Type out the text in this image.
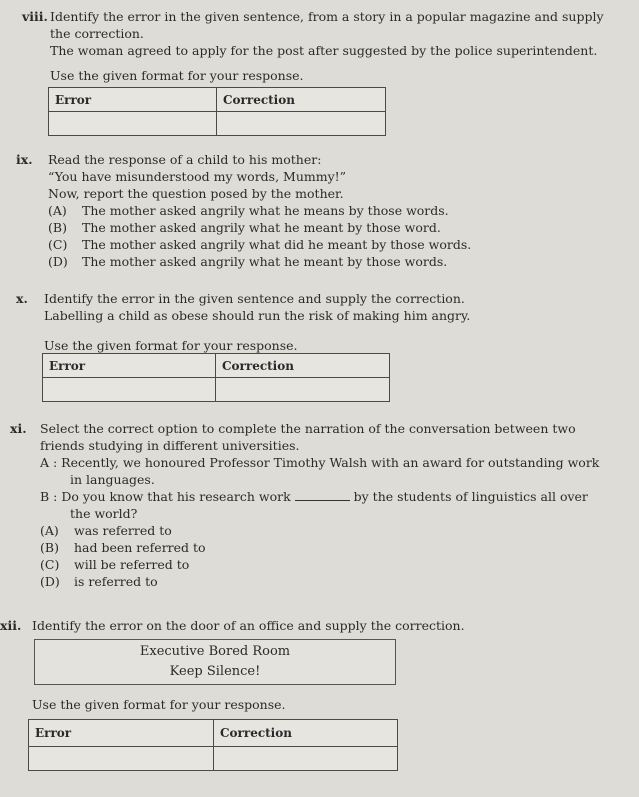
viii. Identify the error in the given sentence, from a story in a popular magazine and supply
the correction.
The woman agreed to apply for the post after suggested by the police superintendent.
Use the given format for your response.
Error	Correction

ix. Read the response of a child to his mother:
“You have misunderstood my words, Mummy!”
Now, report the question posed by the mother.
(A) The mother asked angrily what he means by those words.
(B) The mother asked angrily what he meant by those word.
(C) The mother asked angrily what did he meant by those words.
(D) The mother asked angrily what he meant by those words.
x. Identify the error in the given sentence and supply the correction.
Labelling a child as obese should run the risk of making him angry.
Use the given format for your response.
Error	Correction

xi. Select the correct option to complete the narration of the conversation between two
friends studying in different universities.
A : Recently, we honoured Professor Timothy Walsh with an award for outstanding work
in languages.
B : Do you know that his research work	by the students of linguistics all over
the world?
(A) was referred to
(B) had been referred to
(C) will be referred to
(D) is referred to
xii. Identify the error on the door of an office and supply the correction.
Executive Bored Room
Keep Silence!
Use the given format for your response.
Error	Correction
